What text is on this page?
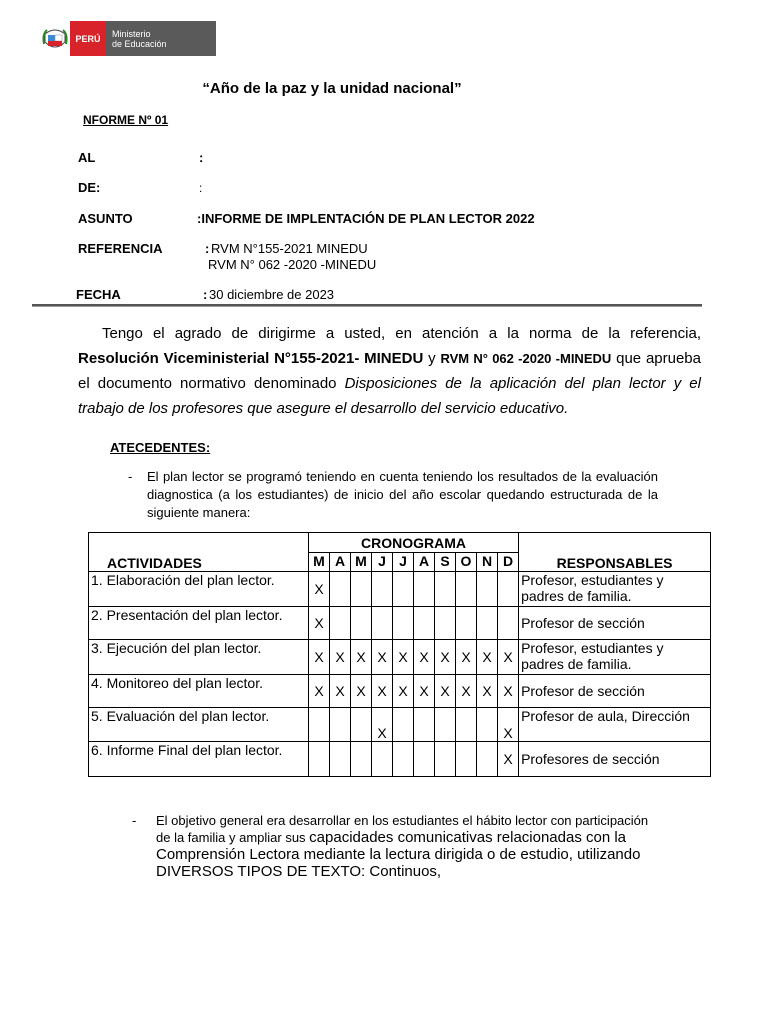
PERÚ	Ministerio
de Educación
“Año de la paz y la unidad nacional”
NFORME Nº 01
AL	:
DE:	:
ASUNTO	:INFORME DE IMPLENTACIÓN DE PLAN LECTOR 2022
REFERENCIA	: RVM N°155-2021 MINEDU
RVM N° 062 -2020 -MINEDU
FECHA	: 30 diciembre de 2023
Tengo el agrado de dirigirme a usted, en atención a la norma de la referencia, Resolución Viceministerial N°155-2021- MINEDU y RVM N° 062 -2020 -MINEDU que aprueba el documento normativo denominado Disposiciones de la aplicación del plan lector y el trabajo de los profesores que asegure el desarrollo del servicio educativo.
ATECEDENTES:
- El plan lector se programó teniendo en cuenta teniendo los resultados de la evaluación diagnostica (a los estudiantes) de inicio del año escolar quedando estructurada de la siguiente manera:
ACTIVIDADES	CRONOGRAMA										RESPONSABLES
	M	A	M	J	J	A	S	O	N	D	
1. Elaboración del plan lector.	X										Profesor, estudiantes y padres de familia.
2. Presentación del plan lector.	X										Profesor de sección
3. Ejecución del plan lector.	X	X	X	X	X	X	X	X	X	X	Profesor, estudiantes y padres de familia.
4. Monitoreo del plan lector.	X	X	X	X	X	X	X	X	X	X	Profesor de sección
5. Evaluación del plan lector.				X						X	Profesor de aula, Dirección
6. Informe Final del plan lector.										X	Profesores de sección
- El objetivo general era desarrollar en los estudiantes el hábito lector con participación de la familia y ampliar sus capacidades comunicativas relacionadas con la Comprensión Lectora mediante la lectura dirigida o de estudio, utilizando DIVERSOS TIPOS DE TEXTO: Continuos,
